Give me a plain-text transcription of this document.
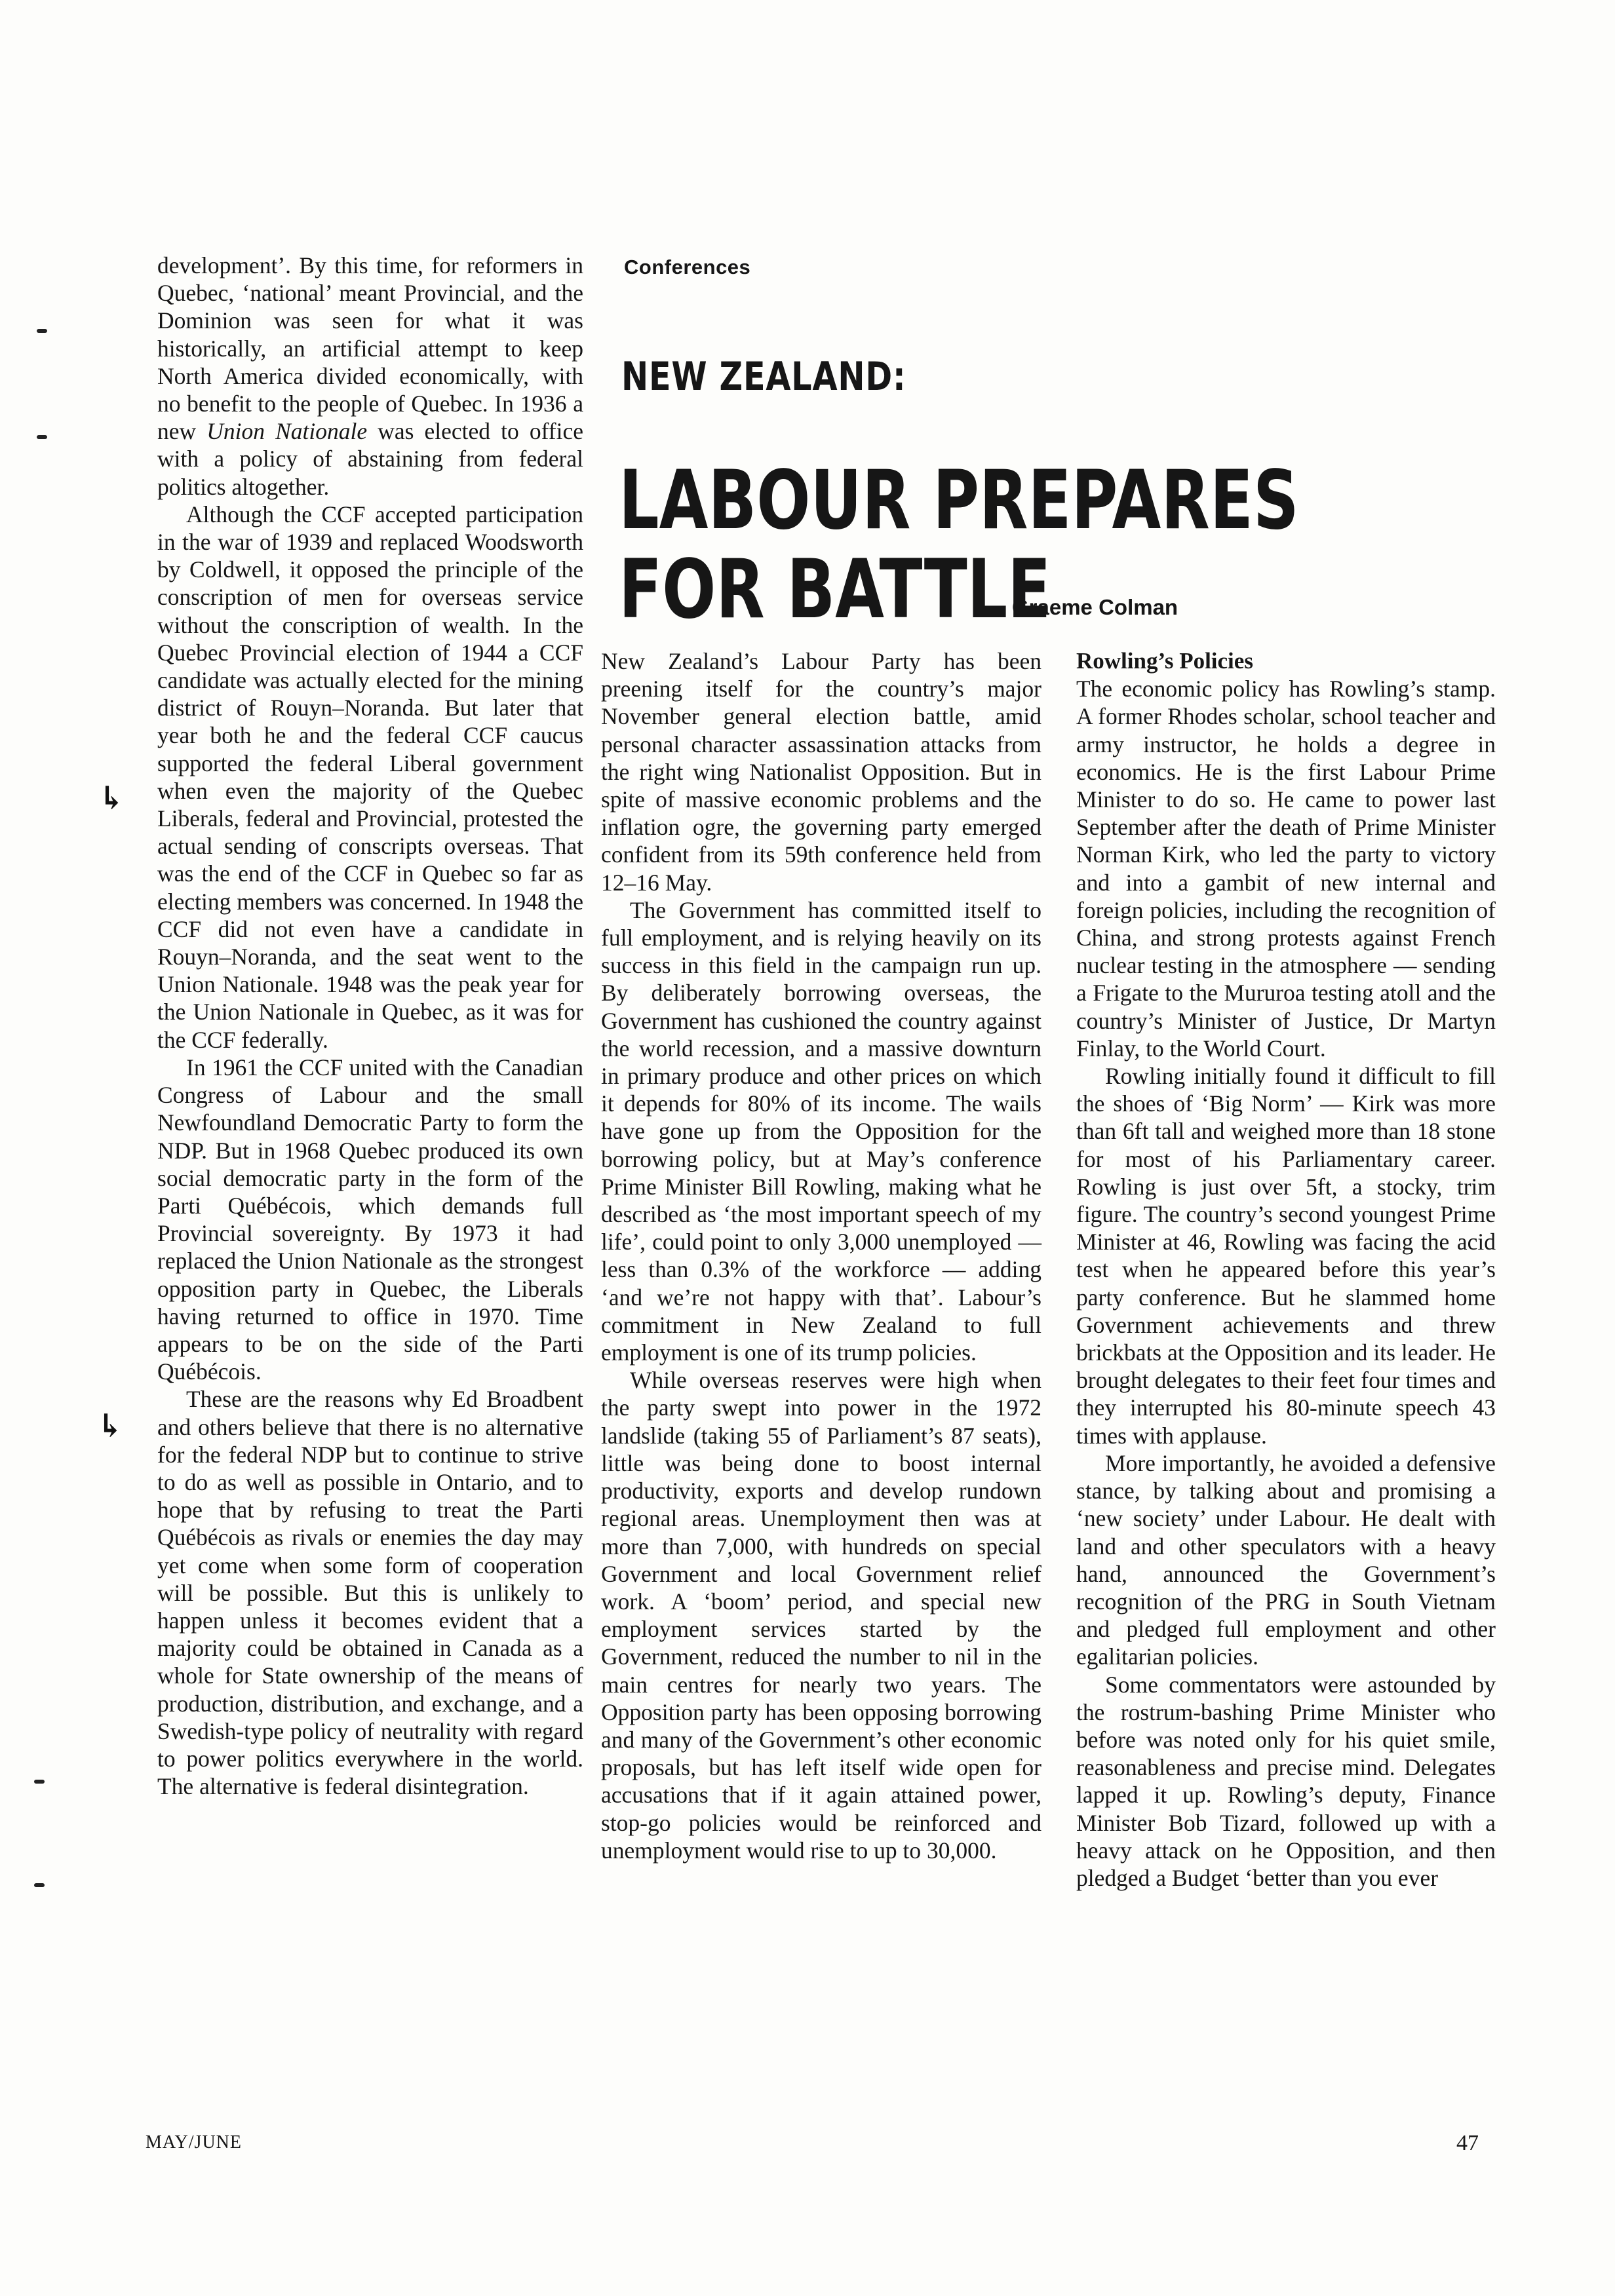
↳
↳

development’. By this time, for reformers in Quebec, ‘national’ meant Provincial, and the Dominion was seen for what it was historically, an artificial attempt to keep North America divided economically, with no benefit to the people of Quebec. In 1936 a new Union Nationale was elected to office with a policy of abstaining from federal politics altogether.

Although the CCF accepted participation in the war of 1939 and replaced Woodsworth by Coldwell, it opposed the principle of the conscription of men for overseas service without the conscription of wealth. In the Quebec Provincial election of 1944 a CCF candidate was actually elected for the mining district of Rouyn–Noranda. But later that year both he and the federal CCF caucus supported the federal Liberal government when even the majority of the Quebec Liberals, federal and Provincial, protested the actual sending of conscripts overseas. That was the end of the CCF in Quebec so far as electing members was concerned. In 1948 the CCF did not even have a candidate in Rouyn–Noranda, and the seat went to the Union Nationale. 1948 was the peak year for the Union Nationale in Quebec, as it was for the CCF federally.

In 1961 the CCF united with the Canadian Congress of Labour and the small Newfoundland Democratic Party to form the NDP. But in 1968 Quebec produced its own social democratic party in the form of the Parti Québécois, which demands full Provincial sovereignty. By 1973 it had replaced the Union Nationale as the strongest opposition party in Quebec, the Liberals having returned to office in 1970. Time appears to be on the side of the Parti Québécois.

These are the reasons why Ed Broadbent and others believe that there is no alternative for the federal NDP but to continue to strive to do as well as possible in Ontario, and to hope that by refusing to treat the Parti Québécois as rivals or enemies the day may yet come when some form of cooperation will be possible. But this is unlikely to happen unless it becomes evident that a majority could be obtained in Canada as a whole for State ownership of the means of production, distribution, and exchange, and a Swedish-type policy of neutrality with regard to power politics everywhere in the world. The alternative is federal disintegration.

Conferences
NEW ZEALAND:
LABOUR PREPARES
FOR BATTLE
Graeme Colman

New Zealand’s Labour Party has been preening itself for the country’s major November general election battle, amid personal character assassination attacks from the right wing Nationalist Opposition. But in spite of massive economic problems and the inflation ogre, the governing party emerged confident from its 59th conference held from 12–16 May.

The Government has committed itself to full employment, and is relying heavily on its success in this field in the campaign run up. By deliberately borrowing overseas, the Government has cushioned the country against the world recession, and a massive downturn in primary produce and other prices on which it depends for 80% of its income. The wails have gone up from the Opposition for the borrowing policy, but at May’s conference Prime Minister Bill Rowling, making what he described as ‘the most important speech of my life’, could point to only 3,000 unemployed — less than 0.3% of the workforce — adding ‘and we’re not happy with that’. Labour’s commitment in New Zealand to full employment is one of its trump policies.

While overseas reserves were high when the party swept into power in the 1972 landslide (taking 55 of Parliament’s 87 seats), little was being done to boost internal productivity, exports and develop rundown regional areas. Unemployment then was at more than 7,000, with hundreds on special Government and local Government relief work. A ‘boom’ period, and special new employment services started by the Government, reduced the number to nil in the main centres for nearly two years. The Opposition party has been opposing borrowing and many of the Government’s other economic proposals, but has left itself wide open for accusations that if it again attained power, stop-go policies would be reinforced and unemployment would rise to up to 30,000.

Rowling’s Policies

The economic policy has Rowling’s stamp. A former Rhodes scholar, school teacher and army instructor, he holds a degree in economics. He is the first Labour Prime Minister to do so. He came to power last September after the death of Prime Minister Norman Kirk, who led the party to victory and into a gambit of new internal and foreign policies, including the recognition of China, and strong protests against French nuclear testing in the atmosphere — sending a Frigate to the Mururoa testing atoll and the country’s Minister of Justice, Dr Martyn Finlay, to the World Court.

Rowling initially found it difficult to fill the shoes of ‘Big Norm’ — Kirk was more than 6ft tall and weighed more than 18 stone for most of his Parliamentary career. Rowling is just over 5ft, a stocky, trim figure. The country’s second youngest Prime Minister at 46, Rowling was facing the acid test when he appeared before this year’s party conference. But he slammed home Government achievements and threw brickbats at the Opposition and its leader. He brought delegates to their feet four times and they interrupted his 80-minute speech 43 times with applause.

More importantly, he avoided a defensive stance, by talking about and promising a ‘new society’ under Labour. He dealt with land and other speculators with a heavy hand, announced the Government’s recognition of the PRG in South Vietnam and pledged full employment and other egalitarian policies.

Some commentators were astounded by the rostrum-bashing Prime Minister who before was noted only for his quiet smile, reasonableness and precise mind. Delegates lapped it up. Rowling’s deputy, Finance Minister Bob Tizard, followed up with a heavy attack on he Opposition, and then pledged a Budget ‘better than you ever

MAY/JUNE	47
